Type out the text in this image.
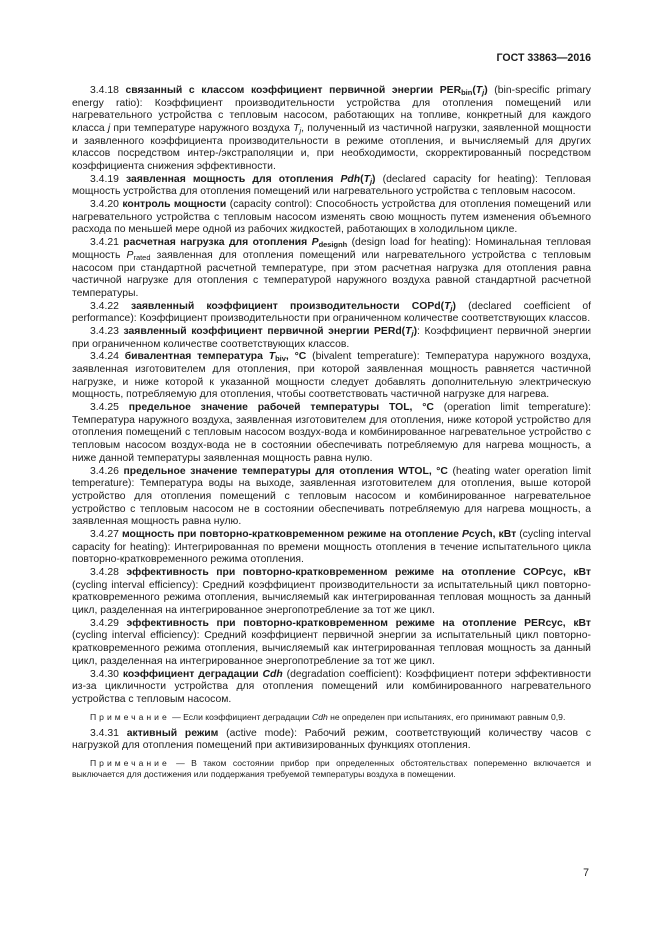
ГОСТ 33863—2016

3.4.18 связанный с классом коэффициент первичной энергии $PER_{bin}(T_j)$ (bin-specific primary energy ratio): Коэффициент производительности устройства для отопления помещений или нагревательного устройства с тепловым насосом, работающих на топливе, конкретный для каждого класса j при температуре наружного воздуха $T_j$, полученный из частичной нагрузки, заявленной мощности и заявленного коэффициента производительности в режиме отопления, и вычисляемый для других классов посредством интер-/экстраполяции и, при необходимости, скорректированный посредством коэффициента снижения эффективности.

3.4.19 заявленная мощность для отопления $Pdh(T_j)$ (declared capacity for heating): Тепловая мощность устройства для отопления помещений или нагревательного устройства с тепловым насосом.

3.4.20 контроль мощности (capacity control): Способность устройства для отопления помещений или нагревательного устройства с тепловым насосом изменять свою мощность путем изменения объемного расхода по меньшей мере одной из рабочих жидкостей, работающих в холодильном цикле.

3.4.21 расчетная нагрузка для отопления $P_{designh}$ (design load for heating): Номинальная тепловая мощность $P_{rated}$ заявленная для отопления помещений или нагревательного устройства с тепловым насосом при стандартной расчетной температуре, при этом расчетная нагрузка для отопления равна частичной нагрузке для отопления с температурой наружного воздуха равной стандартной расчетной температуры.

3.4.22 заявленный коэффициент производительности $COPd(T_j)$ (declared coefficient of performance): Коэффициент производительности при ограниченном количестве соответствующих классов.

3.4.23 заявленный коэффициент первичной энергии $PERd(T_j)$: Коэффициент первичной энергии при ограниченном количестве соответствующих классов.

3.4.24 бивалентная температура $T_{biv}$, °С (bivalent temperature): Температура наружного воздуха, заявленная изготовителем для отопления, при которой заявленная мощность равняется частичной нагрузке, и ниже которой к указанной мощности следует добавлять дополнительную электрическую мощность, потребляемую для отопления, чтобы соответствовать частичной нагрузке для нагрева.

3.4.25 предельное значение рабочей температуры TOL, °С (operation limit temperature): Температура наружного воздуха, заявленная изготовителем для отопления, ниже которой устройство для отопления помещений с тепловым насосом воздух-вода и комбинированное нагревательное устройство с тепловым насосом воздух-вода не в состоянии обеспечивать потребляемую для нагрева мощность, а ниже данной температуры заявленная мощность равна нулю.

3.4.26 предельное значение температуры для отопления WTOL, °С (heating water operation limit temperature): Температура воды на выходе, заявленная изготовителем для отопления, выше которой устройство для отопления помещений с тепловым насосом и комбинированное нагревательное устройство с тепловым насосом не в состоянии обеспечивать потребляемую для нагрева мощность, а заявленная мощность равна нулю.

3.4.27 мощность при повторно-кратковременном режиме на отопление Pcych, кВт (cycling interval capacity for heating): Интегрированная по времени мощность отопления в течение испытательного цикла повторно-кратковременного режима отопления.

3.4.28 эффективность при повторно-кратковременном режиме на отопление COPcyc, кВт (cycling interval efficiency): Средний коэффициент производительности за испытательный цикл повторно-кратковременного режима отопления, вычисляемый как интегрированная тепловая мощность за данный цикл, разделенная на интегрированное энергопотребление за тот же цикл.

3.4.29 эффективность при повторно-кратковременном режиме на отопление PERcyc, кВт (cycling interval efficiency): Средний коэффициент первичной энергии за испытательный цикл повторно-кратковременного режима отопления, вычисляемый как интегрированная тепловая мощность за данный цикл, разделенная на интегрированное энергопотребление за тот же цикл.

3.4.30 коэффициент деградации Cdh (degradation coefficient): Коэффициент потери эффективности из-за цикличности устройства для отопления помещений или комбинированного нагревательного устройства с тепловым насосом.

Примечание — Если коэффициент деградации Cdh не определен при испытаниях, его принимают равным 0,9.

3.4.31 активный режим (active mode): Рабочий режим, соответствующий количеству часов с нагрузкой для отопления помещений при активизированных функциях отопления.

Примечание — В таком состоянии прибор при определенных обстоятельствах попеременно включается и выключается для достижения или поддержания требуемой температуры воздуха в помещении.

7
